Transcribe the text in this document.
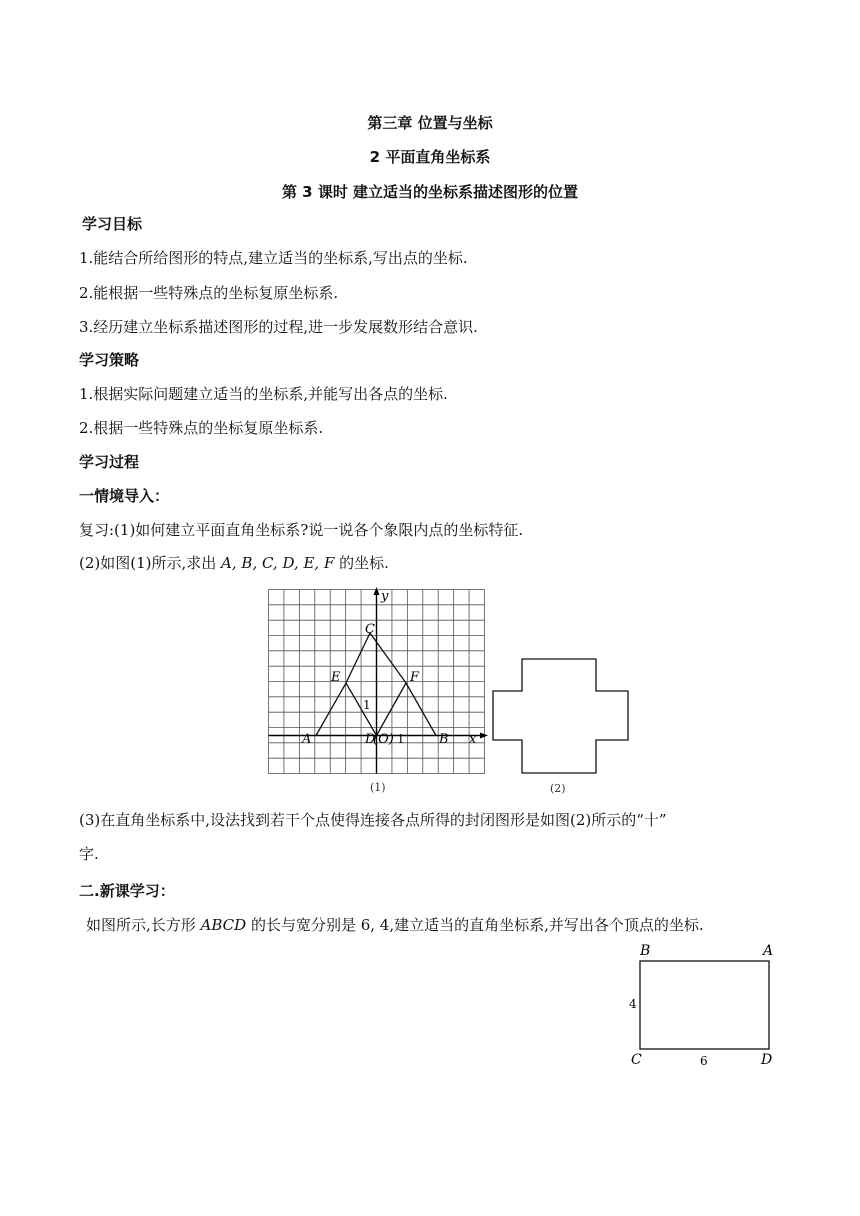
第三章 位置与坐标
2 平面直角坐标系
第 3 课时 建立适当的坐标系描述图形的位置
学习目标
1.能结合所给图形的特点,建立适当的坐标系,写出点的坐标.
2.能根据一些特殊点的坐标复原坐标系.
3.经历建立坐标系描述图形的过程,进一步发展数形结合意识.
学习策略
1.根据实际问题建立适当的坐标系,并能写出各点的坐标.
2.根据一些特殊点的坐标复原坐标系.
学习过程
一情境导入：
复习:(1)如何建立平面直角坐标系?说一说各个象限内点的坐标特征.
(2)如图(1)所示,求出 A, B, C, D, E, F 的坐标.
y
C
E	F
1
A	D
(O) 1	B x
(1)	(2)
(3)在直角坐标系中,设法找到若干个点使得连接各点所得的封闭图形是如图(2)所示的“十”
字.
二.新课学习：
如图所示,长方形 ABCD 的长与宽分别是 6, 4,建立适当的直角坐标系,并写出各个顶点的坐标.
B	A
4
C	6	D
